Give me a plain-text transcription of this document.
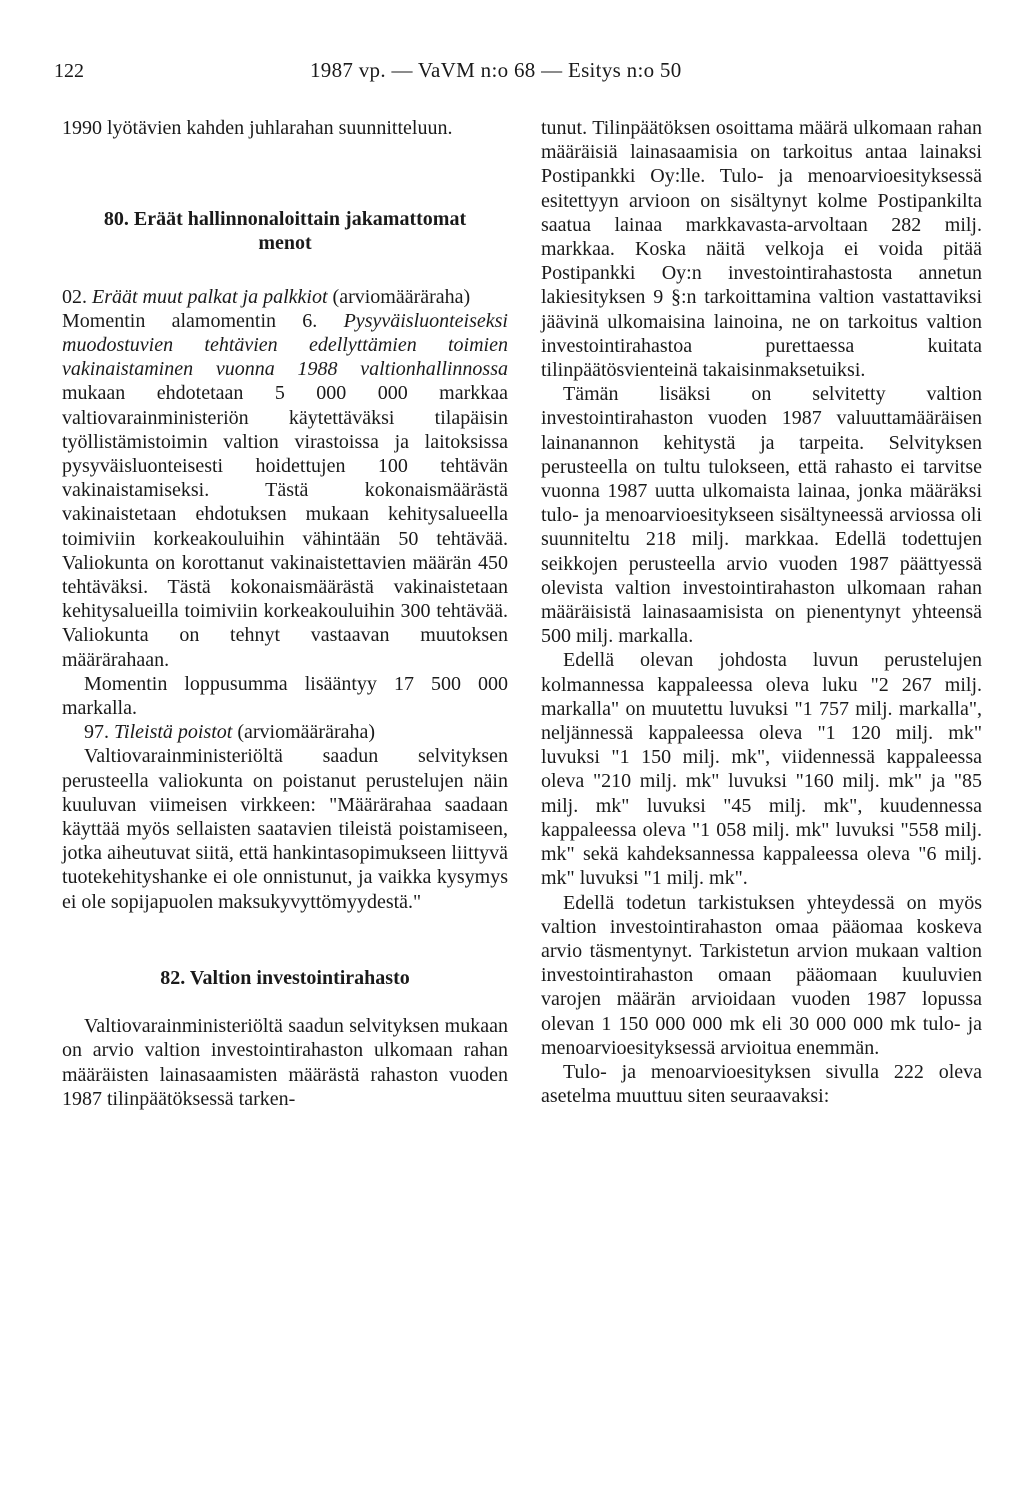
122	1987 vp. — VaVM n:o 68 — Esitys n:o 50

1990 lyötävien kahden juhlarahan suunnitteluun.

80. Eräät hallinnonaloittain jakamattomat menot

02. Eräät muut palkat ja palkkiot (arviomääräraha)

Momentin alamomentin 6. Pysyväisluonteiseksi muodostuvien tehtävien edellyttämien toimien vakinaistaminen vuonna 1988 valtionhallinnossa mukaan ehdotetaan 5 000 000 markkaa valtiovarainministeriön käytettäväksi tilapäisin työllistämistoimin valtion virastoissa ja laitoksissa pysyväisluonteisesti hoidettujen 100 tehtävän vakinaistamiseksi. Tästä kokonaismäärästä vakinaistetaan ehdotuksen mukaan kehitysalueella toimiviin korkeakouluihin vähintään 50 tehtävää. Valiokunta on korottanut vakinaistettavien määrän 450 tehtäväksi. Tästä kokonaismäärästä vakinaistetaan kehitysalueilla toimiviin korkeakouluihin 300 tehtävää. Valiokunta on tehnyt vastaavan muutoksen määrärahaan.

Momentin loppusumma lisääntyy 17 500 000 markalla.

97. Tileistä poistot (arviomääräraha)

Valtiovarainministeriöltä saadun selvityksen perusteella valiokunta on poistanut perustelujen näin kuuluvan viimeisen virkkeen: "Määrärahaa saadaan käyttää myös sellaisten saatavien tileistä poistamiseen, jotka aiheutuvat siitä, että hankintasopimukseen liittyvä tuotekehityshanke ei ole onnistunut, ja vaikka kysymys ei ole sopijapuolen maksukyvyttömyydestä."

82. Valtion investointirahasto

Valtiovarainministeriöltä saadun selvityksen mukaan on arvio valtion investointirahaston ulkomaan rahan määräisten lainasaamisten määrästä rahaston vuoden 1987 tilinpäätöksessä tarken-

tunut. Tilinpäätöksen osoittama määrä ulkomaan rahan määräisiä lainasaamisia on tarkoitus antaa lainaksi Postipankki Oy:lle. Tulo- ja menoarvioesityksessä esitettyyn arvioon on sisältynyt kolme Postipankilta saatua lainaa markkavasta-arvoltaan 282 milj. markkaa. Koska näitä velkoja ei voida pitää Postipankki Oy:n investointirahastosta annetun lakiesityksen 9 §:n tarkoittamina valtion vastattaviksi jäävinä ulkomaisina lainoina, ne on tarkoitus valtion investointirahastoa purettaessa kuitata tilinpäätösvienteinä takaisinmaksetuiksi.

Tämän lisäksi on selvitetty valtion investointirahaston vuoden 1987 valuuttamääräisen lainanannon kehitystä ja tarpeita. Selvityksen perusteella on tultu tulokseen, että rahasto ei tarvitse vuonna 1987 uutta ulkomaista lainaa, jonka määräksi tulo- ja menoarvioesitykseen sisältyneessä arviossa oli suunniteltu 218 milj. markkaa. Edellä todettujen seikkojen perusteella arvio vuoden 1987 päättyessä olevista valtion investointirahaston ulkomaan rahan määräisistä lainasaamisista on pienentynyt yhteensä 500 milj. markalla.

Edellä olevan johdosta luvun perustelujen kolmannessa kappaleessa oleva luku "2 267 milj. markalla" on muutettu luvuksi "1 757 milj. markalla", neljännessä kappaleessa oleva "1 120 milj. mk" luvuksi "1 150 milj. mk", viidennessä kappaleessa oleva "210 milj. mk" luvuksi "160 milj. mk" ja "85 milj. mk" luvuksi "45 milj. mk", kuudennessa kappaleessa oleva "1 058 milj. mk" luvuksi "558 milj. mk" sekä kahdeksannessa kappaleessa oleva "6 milj. mk" luvuksi "1 milj. mk".

Edellä todetun tarkistuksen yhteydessä on myös valtion investointirahaston omaa pääomaa koskeva arvio täsmentynyt. Tarkistetun arvion mukaan valtion investointirahaston omaan pääomaan kuuluvien varojen määrän arvioidaan vuoden 1987 lopussa olevan 1 150 000 000 mk eli 30 000 000 mk tulo- ja menoarvioesityksessä arvioitua enemmän.

Tulo- ja menoarvioesityksen sivulla 222 oleva asetelma muuttuu siten seuraavaksi:
